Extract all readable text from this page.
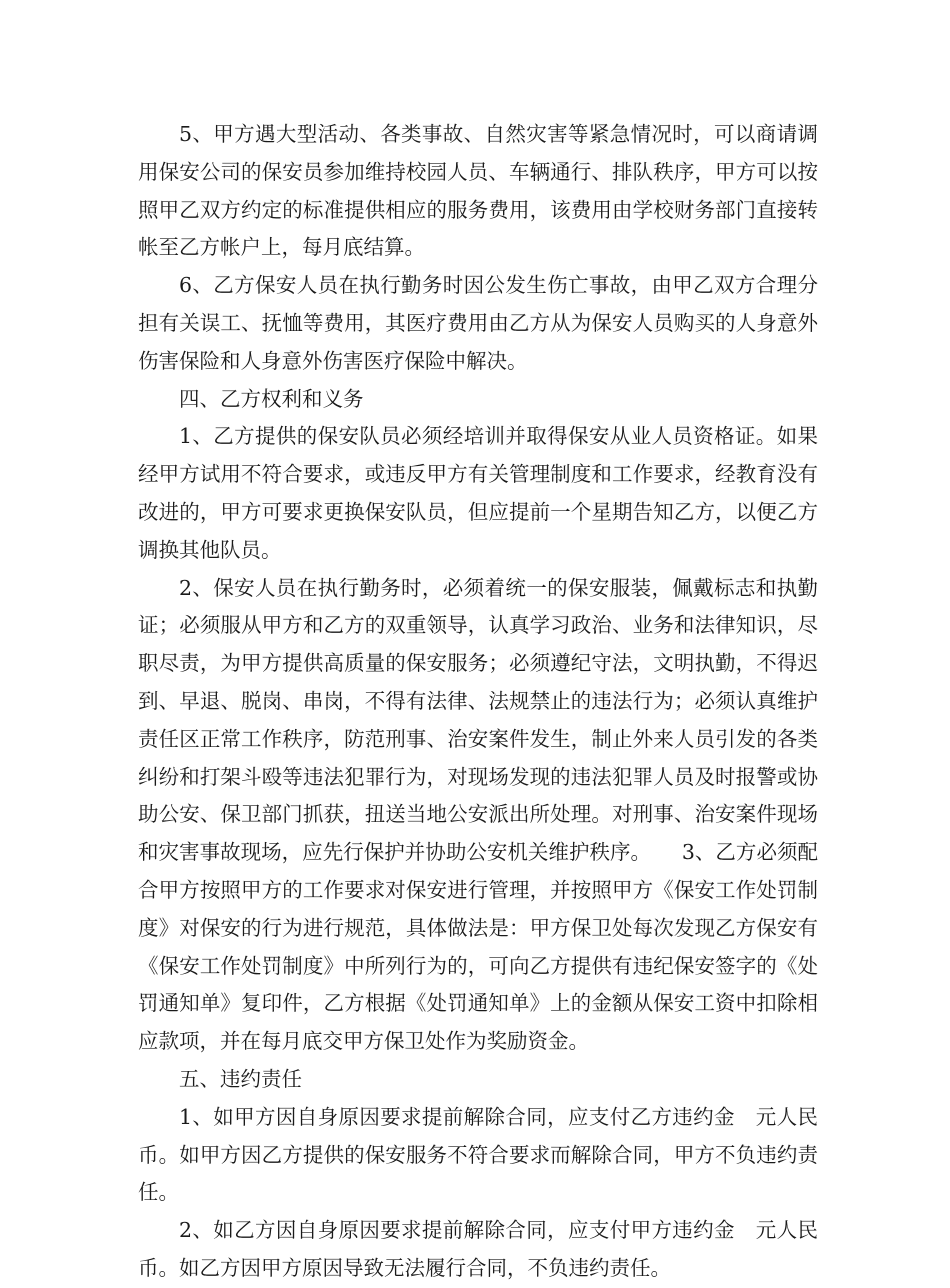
5、甲方遇大型活动、各类事故、自然灾害等紧急情况时，可以商请调用保安公司的保安员参加维持校园人员、车辆通行、排队秩序，甲方可以按照甲乙双方约定的标准提供相应的服务费用，该费用由学校财务部门直接转帐至乙方帐户上，每月底结算。

6、乙方保安人员在执行勤务时因公发生伤亡事故，由甲乙双方合理分担有关误工、抚恤等费用，其医疗费用由乙方从为保安人员购买的人身意外伤害保险和人身意外伤害医疗保险中解决。

四、乙方权利和义务

1、乙方提供的保安队员必须经培训并取得保安从业人员资格证。如果经甲方试用不符合要求，或违反甲方有关管理制度和工作要求，经教育没有改进的，甲方可要求更换保安队员，但应提前一个星期告知乙方，以便乙方调换其他队员。

2、保安人员在执行勤务时，必须着统一的保安服装，佩戴标志和执勤证；必须服从甲方和乙方的双重领导，认真学习政治、业务和法律知识，尽职尽责，为甲方提供高质量的保安服务；必须遵纪守法，文明执勤，不得迟到、早退、脱岗、串岗，不得有法律、法规禁止的违法行为；必须认真维护责任区正常工作秩序，防范刑事、治安案件发生，制止外来人员引发的各类纠纷和打架斗殴等违法犯罪行为，对现场发现的违法犯罪人员及时报警或协助公安、保卫部门抓获，扭送当地公安派出所处理。对刑事、治安案件现场和灾害事故现场，应先行保护并协助公安机关维护秩序。　　3、乙方必须配合甲方按照甲方的工作要求对保安进行管理，并按照甲方《保安工作处罚制度》对保安的行为进行规范，具体做法是：甲方保卫处每次发现乙方保安有《保安工作处罚制度》中所列行为的，可向乙方提供有违纪保安签字的《处罚通知单》复印件，乙方根据《处罚通知单》上的金额从保安工资中扣除相应款项，并在每月底交甲方保卫处作为奖励资金。

五、违约责任

1、如甲方因自身原因要求提前解除合同，应支付乙方违约金　元人民币。如甲方因乙方提供的保安服务不符合要求而解除合同，甲方不负违约责任。

2、如乙方因自身原因要求提前解除合同，应支付甲方违约金　元人民币。如乙方因甲方原因导致无法履行合同，不负违约责任。
